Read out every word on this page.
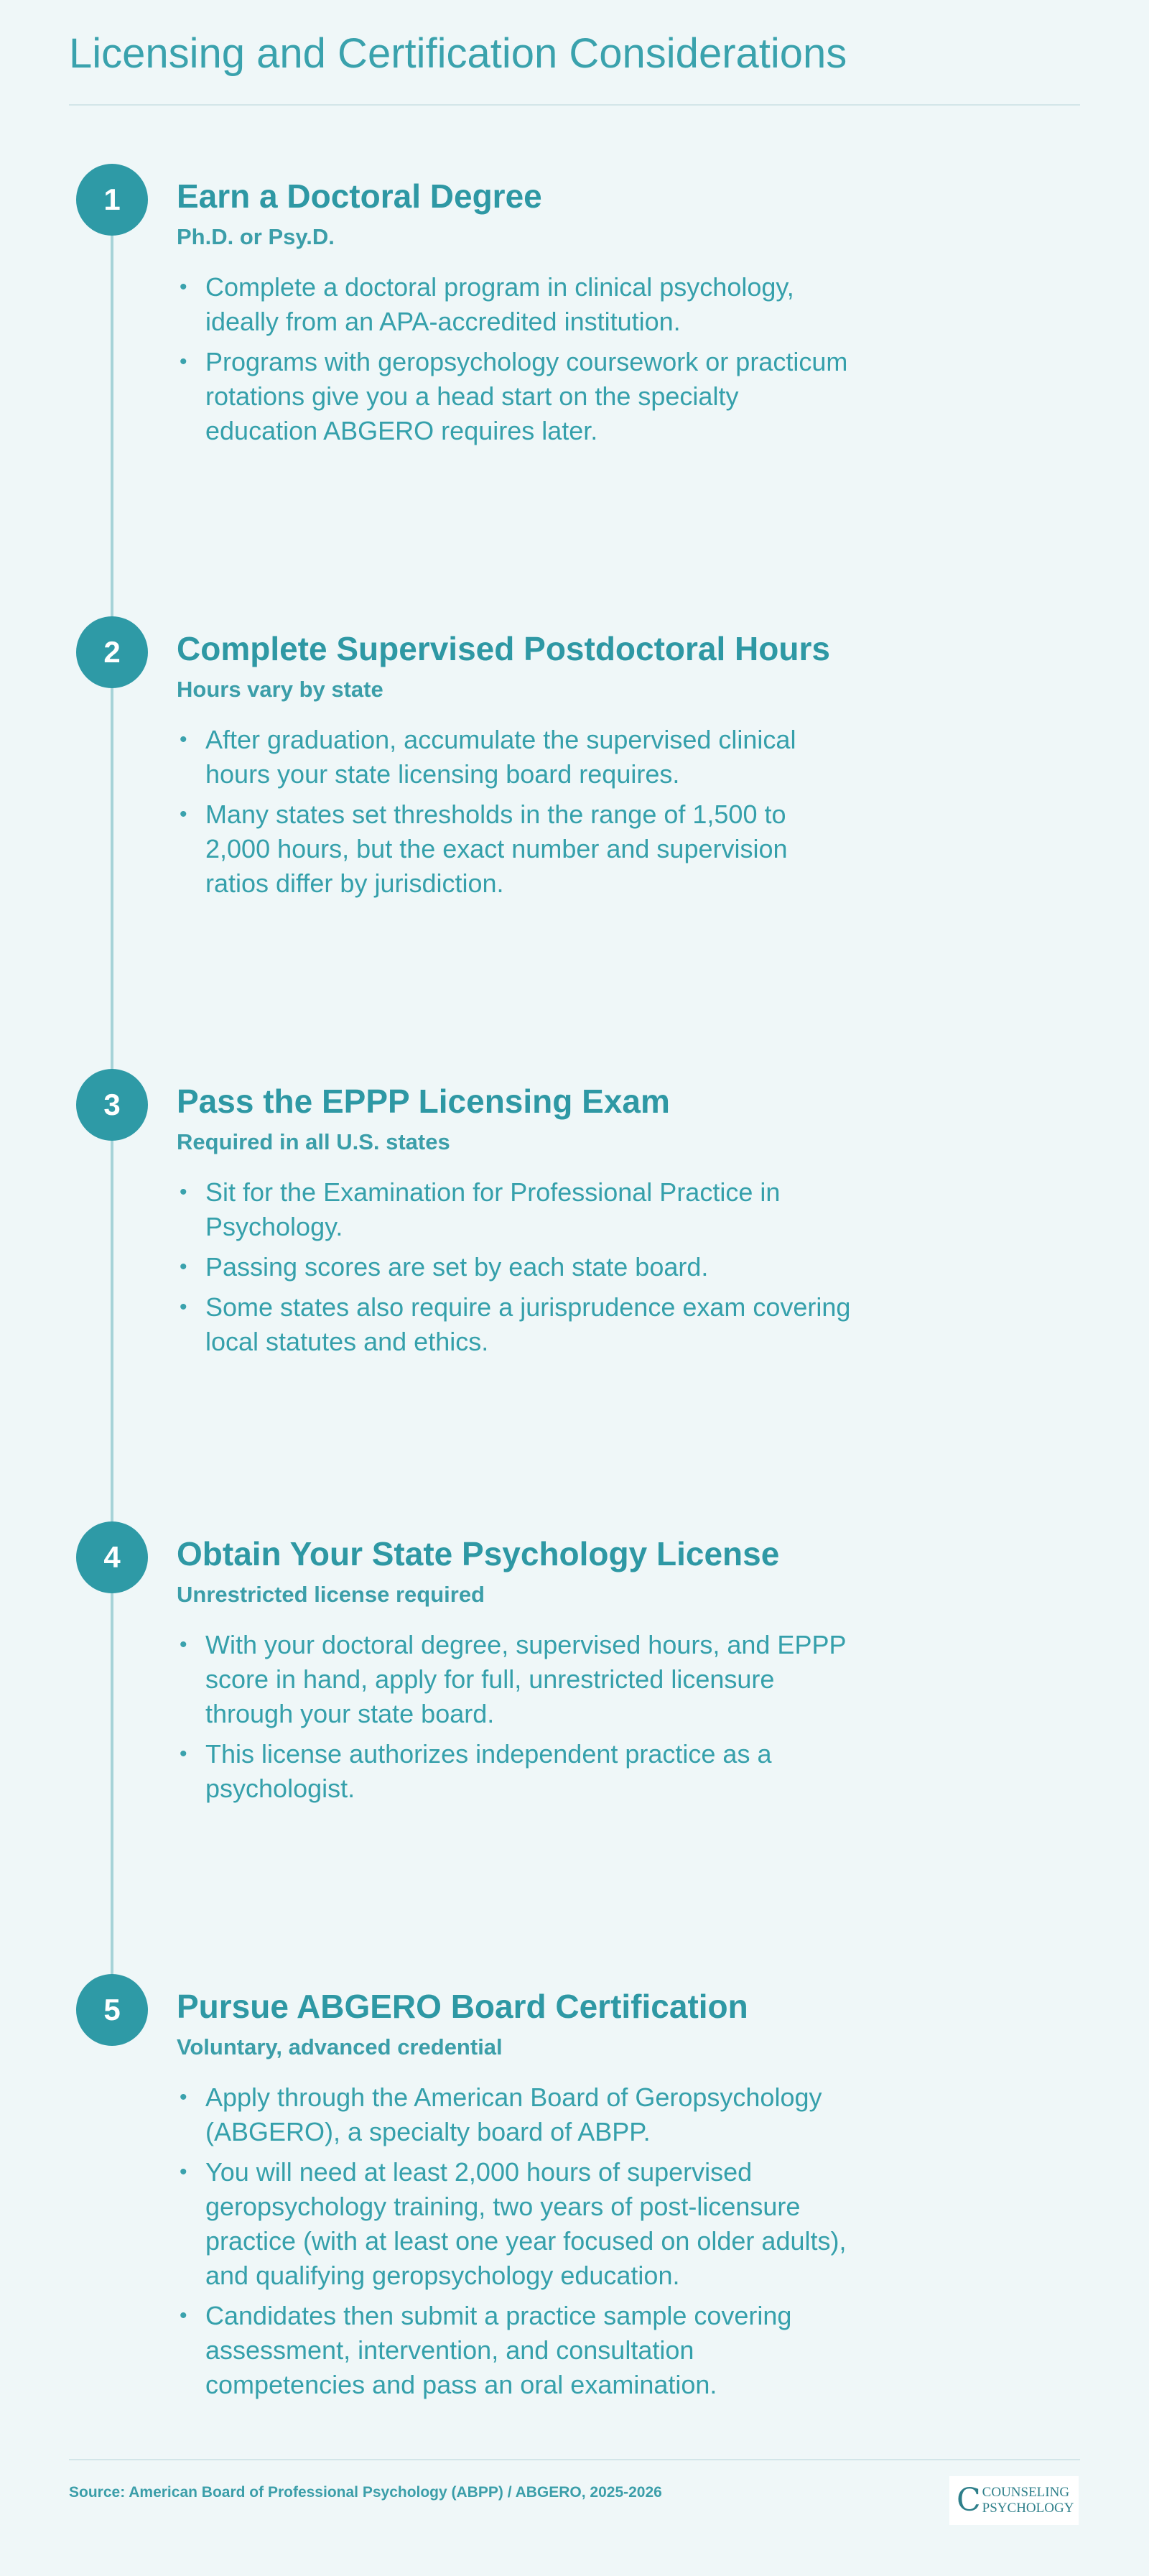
Licensing and Certification Considerations
1	Earn a Doctoral Degree
Ph.D. or Psy.D.
• Complete a doctoral program in clinical psychology, ideally from an APA-accredited institution.
• Programs with geropsychology coursework or practicum rotations give you a head start on the specialty education ABGERO requires later.
2	Complete Supervised Postdoctoral Hours
Hours vary by state
• After graduation, accumulate the supervised clinical hours your state licensing board requires.
• Many states set thresholds in the range of 1,500 to 2,000 hours, but the exact number and supervision ratios differ by jurisdiction.
3	Pass the EPPP Licensing Exam
Required in all U.S. states
• Sit for the Examination for Professional Practice in Psychology.
• Passing scores are set by each state board.
• Some states also require a jurisprudence exam covering local statutes and ethics.
4	Obtain Your State Psychology License
Unrestricted license required
• With your doctoral degree, supervised hours, and EPPP score in hand, apply for full, unrestricted licensure through your state board.
• This license authorizes independent practice as a psychologist.
5	Pursue ABGERO Board Certification
Voluntary, advanced credential
• Apply through the American Board of Geropsychology (ABGERO), a specialty board of ABPP.
• You will need at least 2,000 hours of supervised geropsychology training, two years of post-licensure practice (with at least one year focused on older adults), and qualifying geropsychology education.
• Candidates then submit a practice sample covering assessment, intervention, and consultation competencies and pass an oral examination.
Source: American Board of Professional Psychology (ABPP) / ABGERO, 2025-2026	C COUNSELING
PSYCHOLOGY
